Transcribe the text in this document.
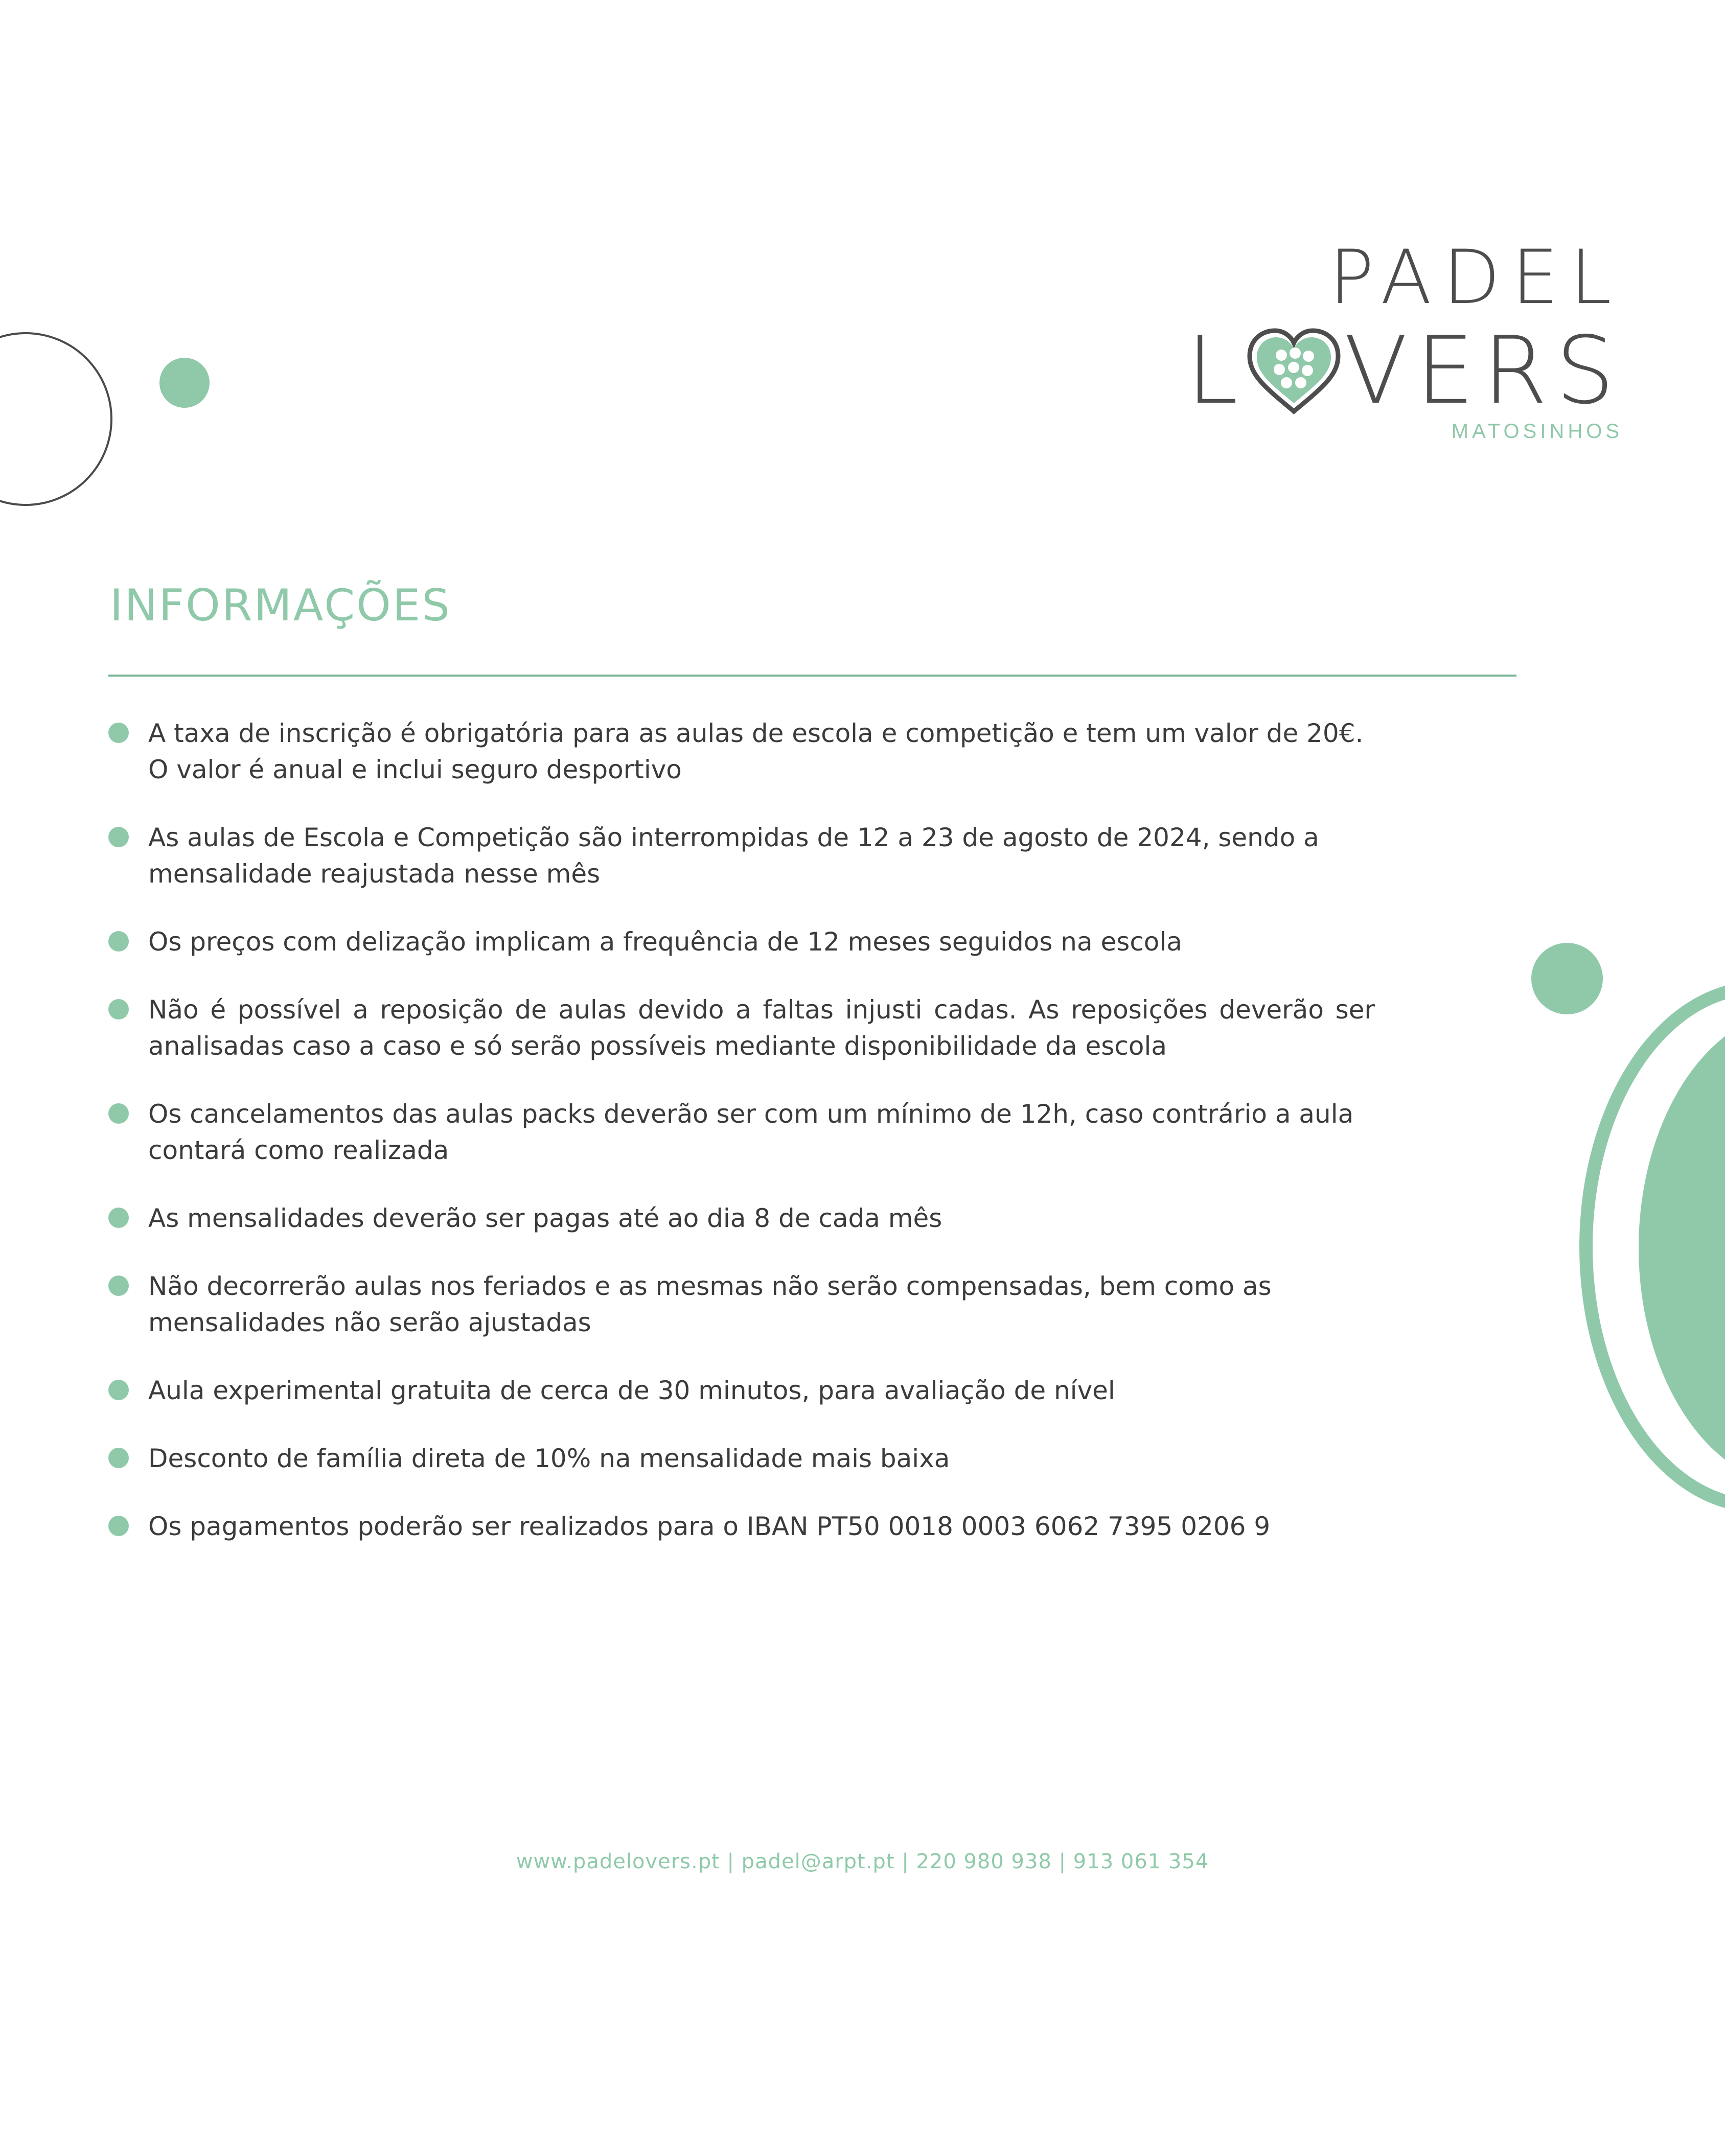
PADEL
L VERS
MATOSINHOS
INFORMAÇÕES
A taxa de inscrição é obrigatória para as aulas de escola e competição e tem um valor de 20€. O valor é anual e inclui seguro desportivo
As aulas de Escola e Competição são interrompidas de 12 a 23 de agosto de 2024, sendo a mensalidade reajustada nesse mês
Os preços com delização implicam a frequência de 12 meses seguidos na escola
Não é possível a reposição de aulas devido a faltas injusti cadas. As reposições deverão ser analisadas caso a caso e só serão possíveis mediante disponibilidade da escola
Os cancelamentos das aulas packs deverão ser com um mínimo de 12h, caso contrário a aula contará como realizada
As mensalidades deverão ser pagas até ao dia 8 de cada mês
Não decorrerão aulas nos feriados e as mesmas não serão compensadas, bem como as mensalidades não serão ajustadas
Aula experimental gratuita de cerca de 30 minutos, para avaliação de nível
Desconto de família direta de 10% na mensalidade mais baixa
Os pagamentos poderão ser realizados para o IBAN PT50 0018 0003 6062 7395 0206 9
www.padelovers.pt | padel@arpt.pt | 220 980 938 | 913 061 354
